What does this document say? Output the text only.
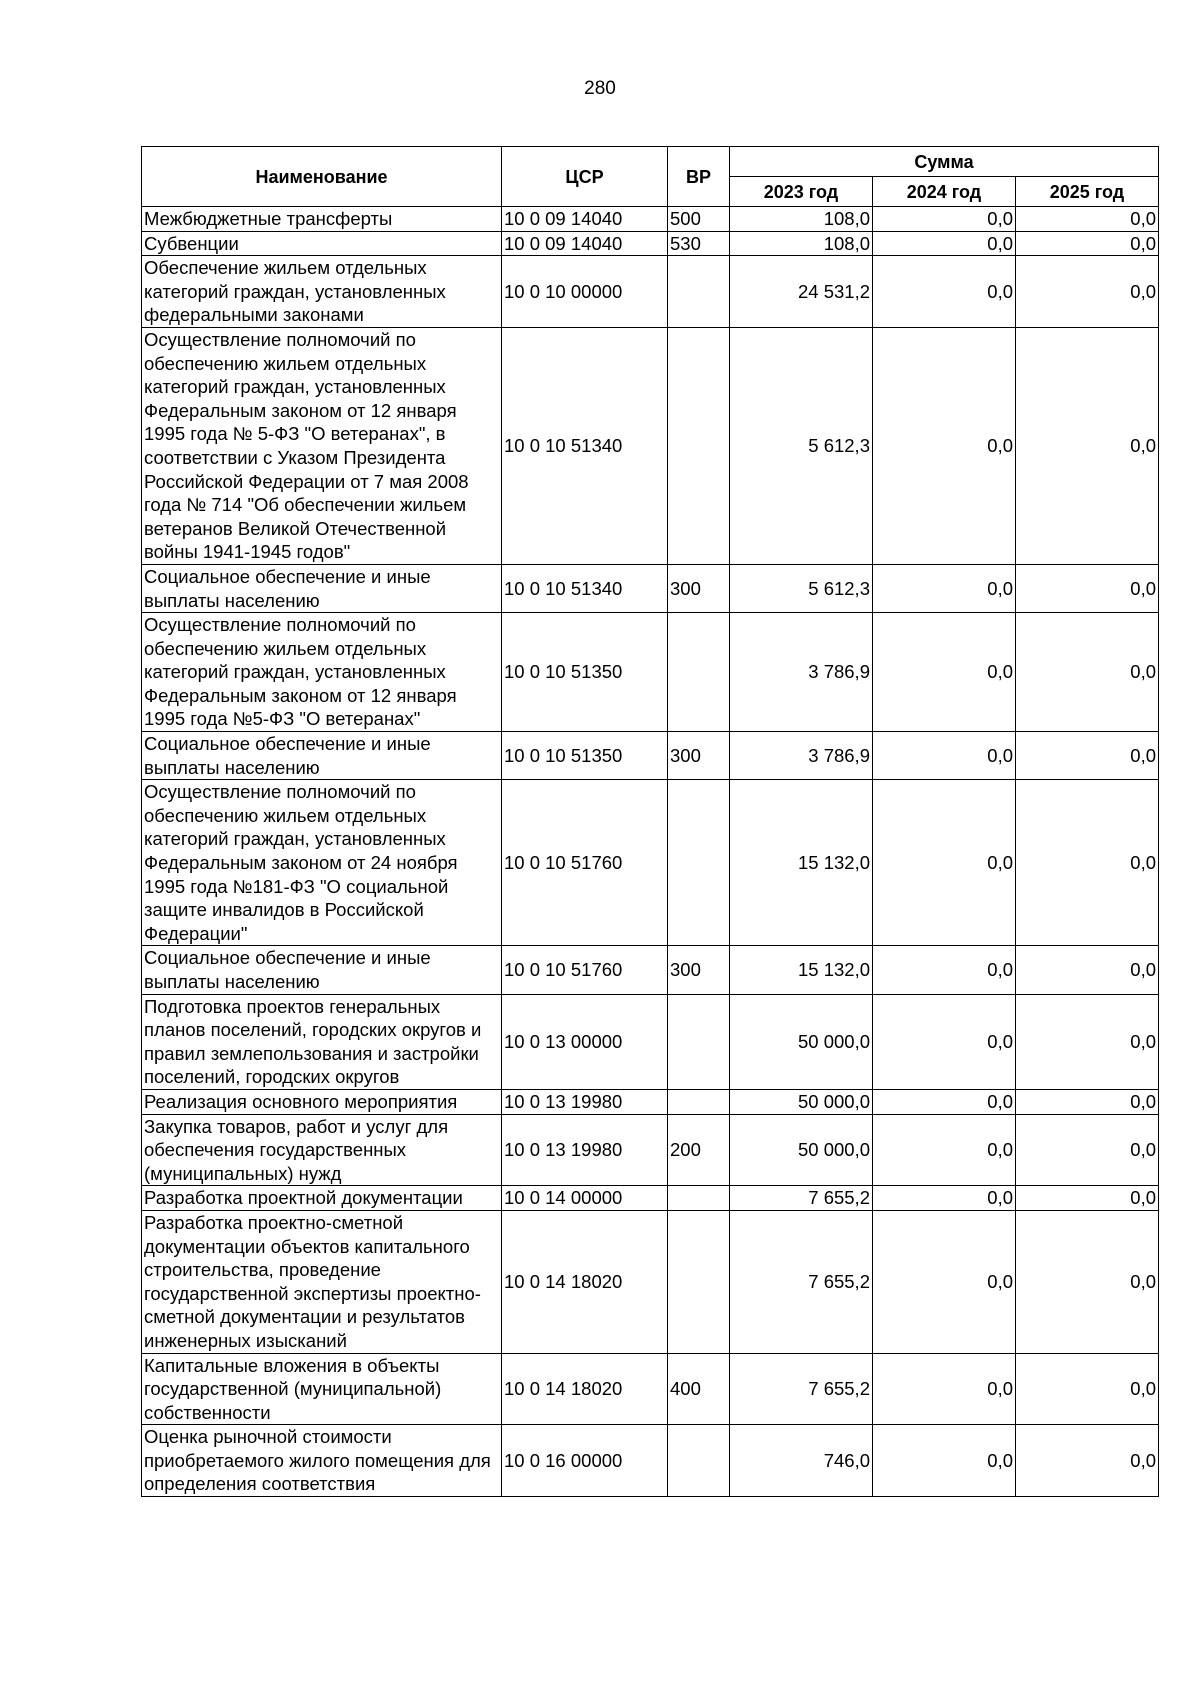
280
Наименование	ЦСР	ВР	Сумма		
			2023 год	2024 год	2025 год
Межбюджетные трансферты	10 0 09 14040	500	108,0	0,0	0,0
Субвенции	10 0 09 14040	530	108,0	0,0	0,0
Обеспечение жильем отдельных категорий граждан, установленных федеральными законами	10 0 10 00000		24 531,2	0,0	0,0
Осуществление полномочий по обеспечению жильем отдельных категорий граждан, установленных Федеральным законом от 12 января 1995 года № 5-ФЗ "О ветеранах", в соответствии с Указом Президента Российской Федерации от 7 мая 2008 года № 714 "Об обеспечении жильем ветеранов Великой Отечественной войны 1941-1945 годов"	10 0 10 51340		5 612,3	0,0	0,0
Социальное обеспечение и иные выплаты населению	10 0 10 51340	300	5 612,3	0,0	0,0
Осуществление полномочий по обеспечению жильем отдельных категорий граждан, установленных Федеральным законом от 12 января 1995 года №5-ФЗ "О ветеранах"	10 0 10 51350		3 786,9	0,0	0,0
Социальное обеспечение и иные выплаты населению	10 0 10 51350	300	3 786,9	0,0	0,0
Осуществление полномочий по обеспечению жильем отдельных категорий граждан, установленных Федеральным законом от 24 ноября 1995 года №181-ФЗ "О социальной защите инвалидов в Российской Федерации"	10 0 10 51760		15 132,0	0,0	0,0
Социальное обеспечение и иные выплаты населению	10 0 10 51760	300	15 132,0	0,0	0,0
Подготовка проектов генеральных планов поселений, городских округов и правил землепользования и застройки поселений, городских округов	10 0 13 00000		50 000,0	0,0	0,0
Реализация основного мероприятия	10 0 13 19980		50 000,0	0,0	0,0
Закупка товаров, работ и услуг для обеспечения государственных (муниципальных) нужд	10 0 13 19980	200	50 000,0	0,0	0,0
Разработка проектной документации	10 0 14 00000		7 655,2	0,0	0,0
Разработка проектно-сметной документации объектов капитального строительства, проведение государственной экспертизы проектно-сметной документации и результатов инженерных изысканий	10 0 14 18020		7 655,2	0,0	0,0
Капитальные вложения в объекты государственной (муниципальной) собственности	10 0 14 18020	400	7 655,2	0,0	0,0
Оценка рыночной стоимости приобретаемого жилого помещения для определения соответствия	10 0 16 00000		746,0	0,0	0,0
